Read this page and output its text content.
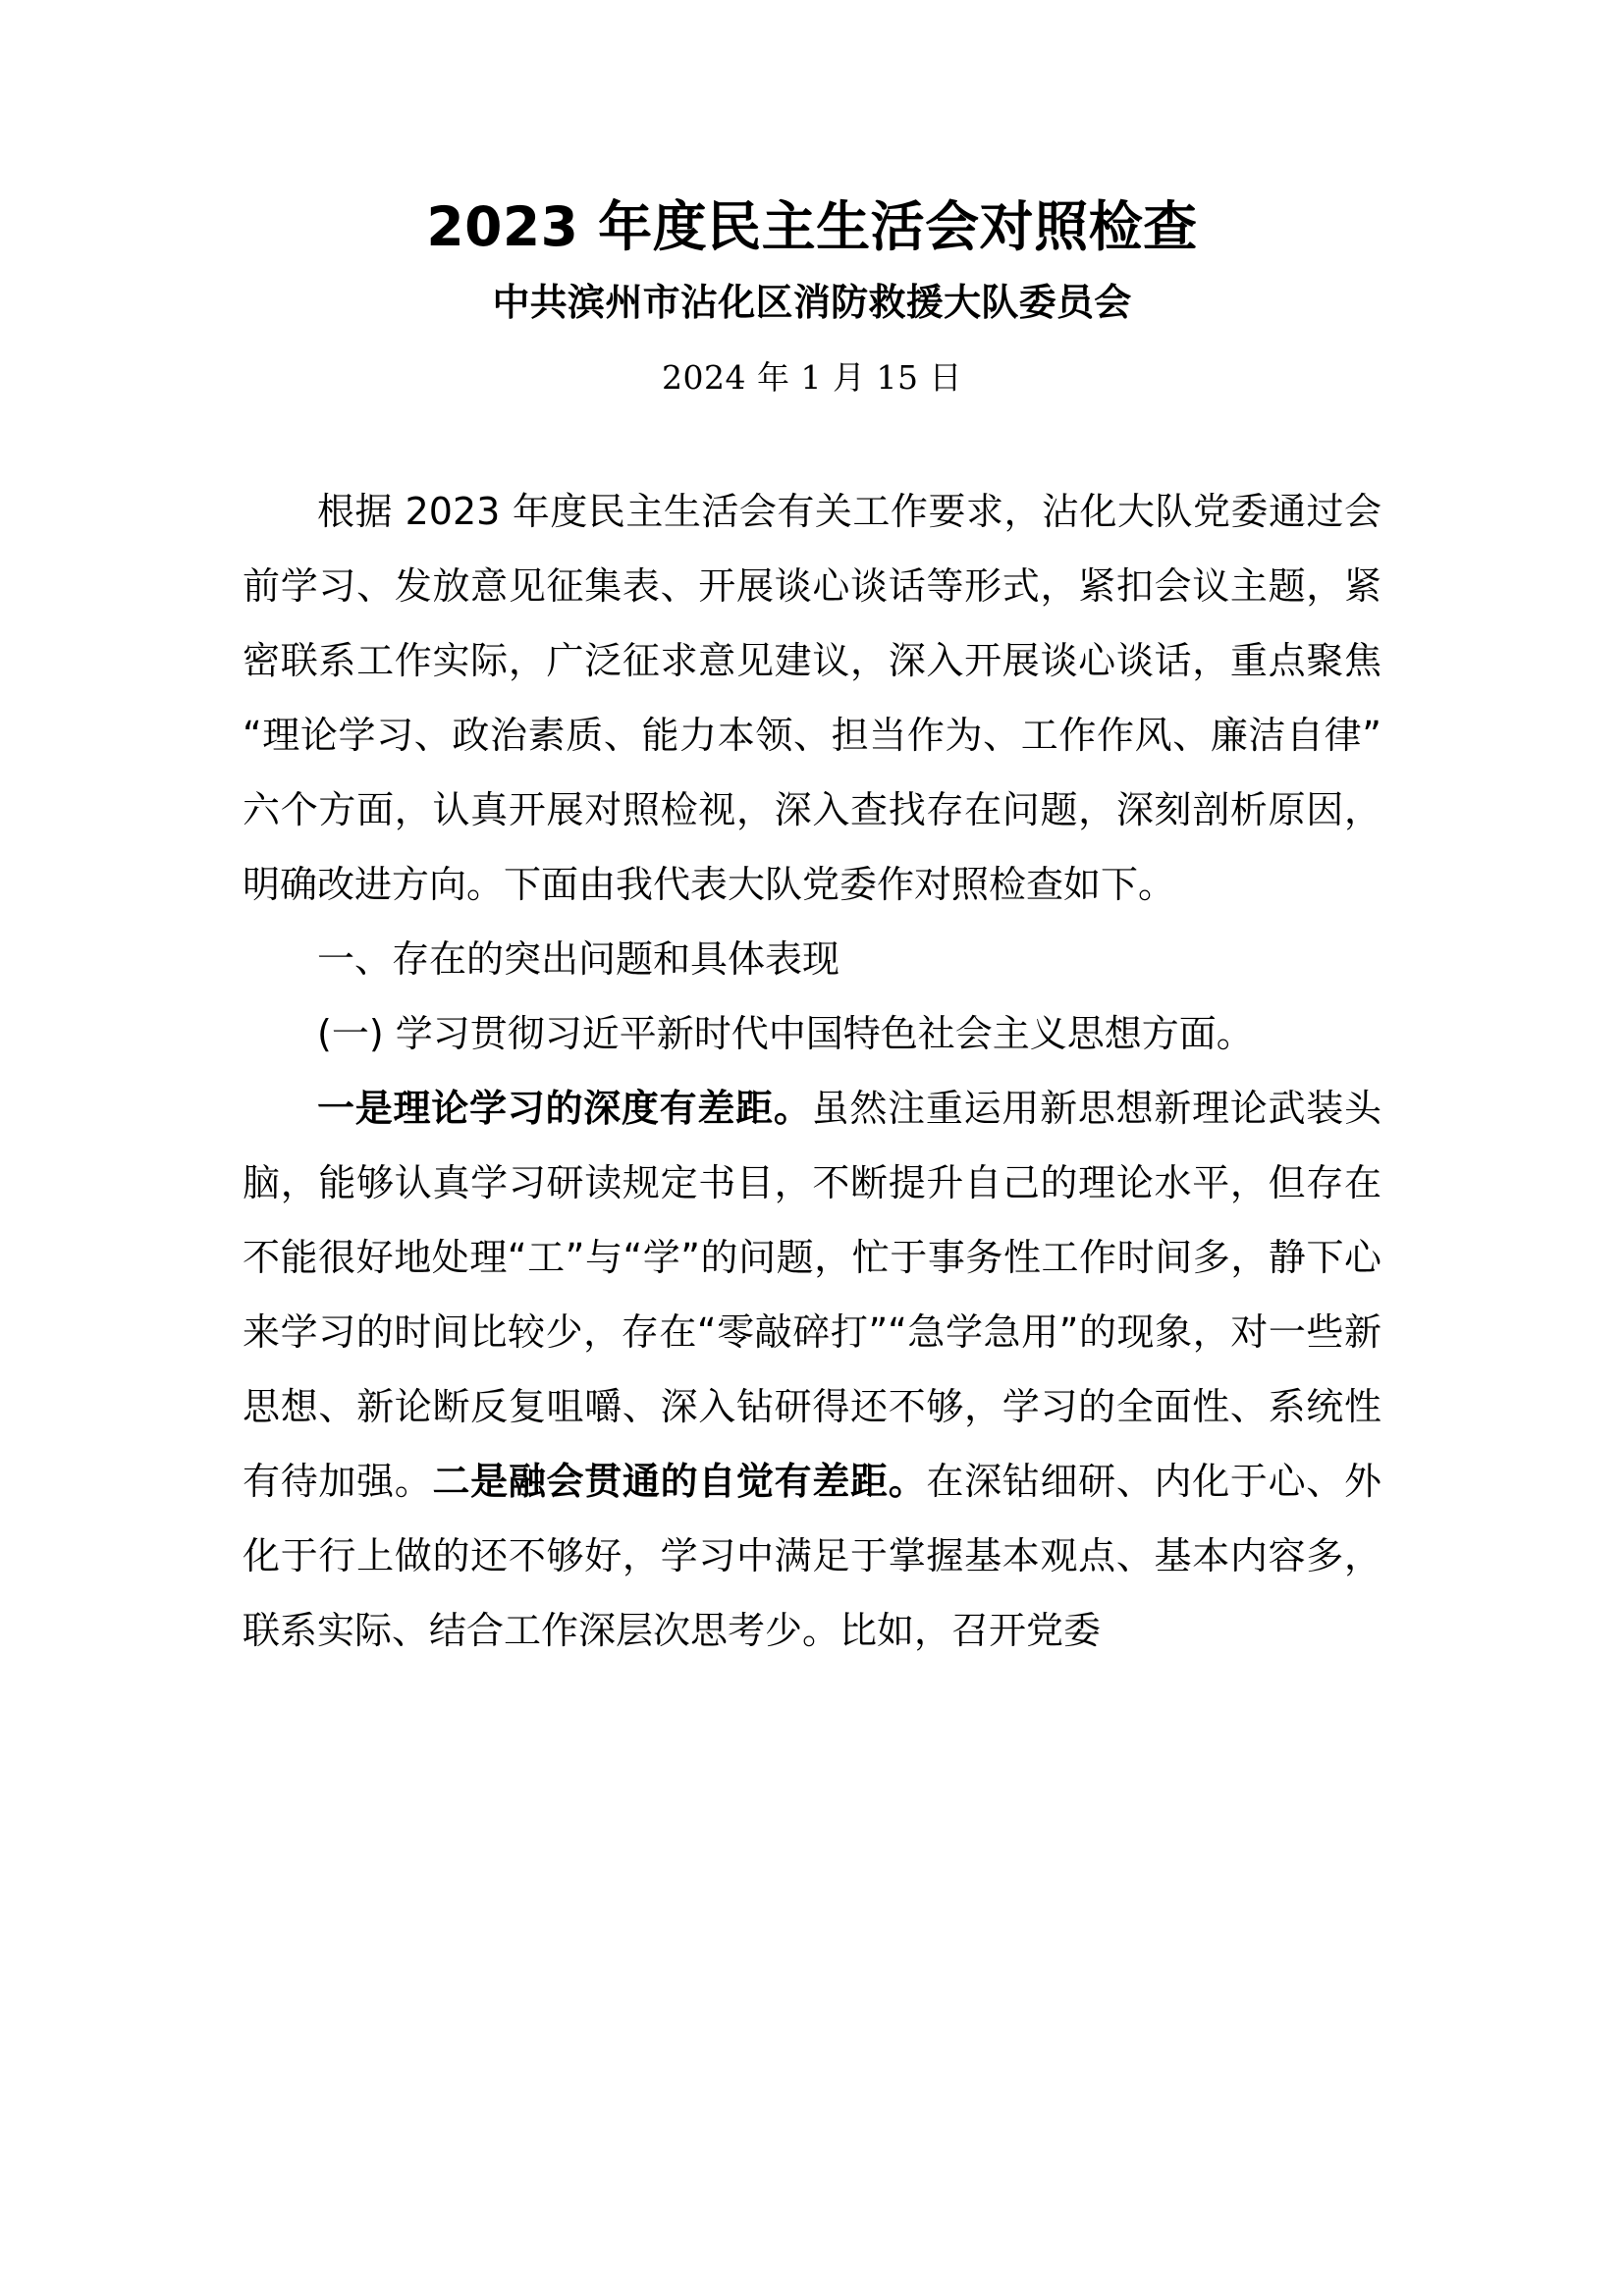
2023 年度民主生活会对照检查
中共滨州市沾化区消防救援大队委员会
2024 年 1 月 15 日

根据 2023 年度民主生活会有关工作要求，沾化大队党委通过会前学习、发放意见征集表、开展谈心谈话等形式，紧扣会议主题，紧密联系工作实际，广泛征求意见建议，深入开展谈心谈话，重点聚焦“理论学习、政治素质、能力本领、担当作为、工作作风、廉洁自律”六个方面，认真开展对照检视，深入查找存在问题，深刻剖析原因，明确改进方向。下面由我代表大队党委作对照检查如下。

一、存在的突出问题和具体表现

(一) 学习贯彻习近平新时代中国特色社会主义思想方面。

一是理论学习的深度有差距。虽然注重运用新思想新理论武装头脑，能够认真学习研读规定书目，不断提升自己的理论水平，但存在不能很好地处理“工”与“学”的问题，忙于事务性工作时间多，静下心来学习的时间比较少，存在“零敲碎打”“急学急用”的现象，对一些新思想、新论断反复咀嚼、深入钻研得还不够，学习的全面性、系统性有待加强。二是融会贯通的自觉有差距。在深钻细研、内化于心、外化于行上做的还不够好，学习中满足于掌握基本观点、基本内容多，联系实际、结合工作深层次思考少。比如，召开党委
